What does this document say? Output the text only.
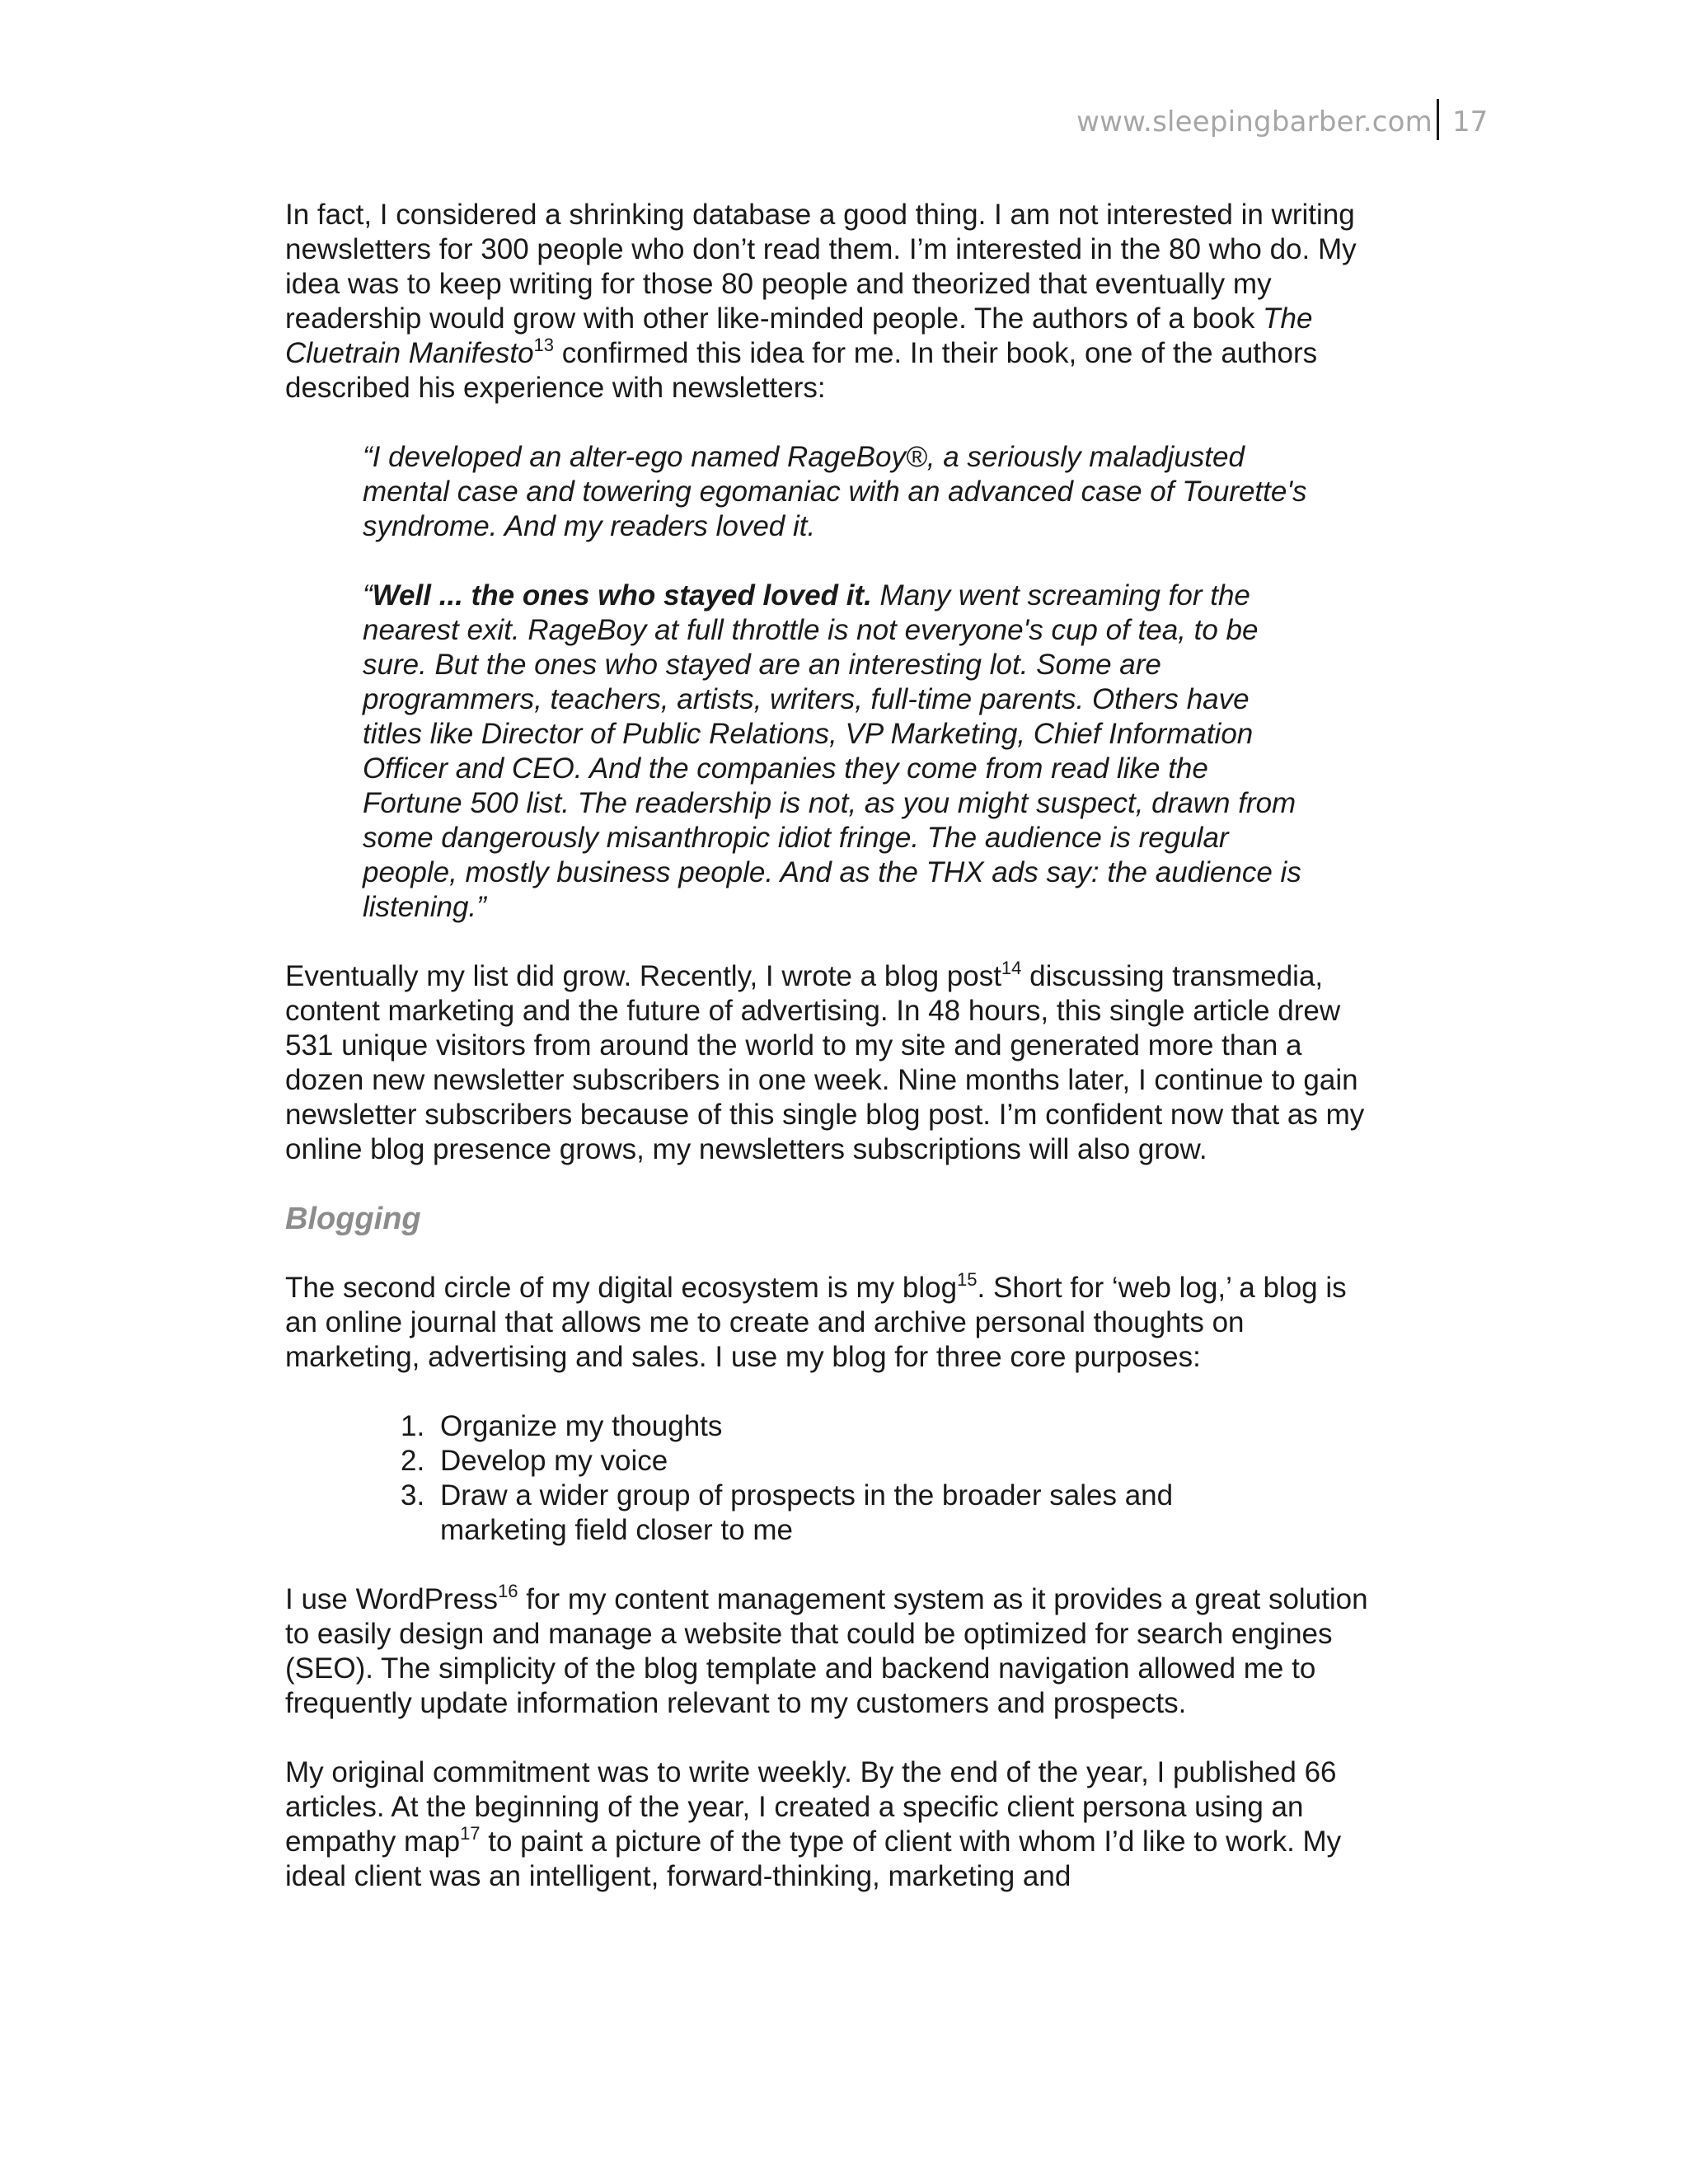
www.sleepingbarber.com 17

In fact, I considered a shrinking database a good thing. I am not interested in writing newsletters for 300 people who don’t read them. I’m interested in the 80 who do. My idea was to keep writing for those 80 people and theorized that eventually my readership would grow with other like-minded people. The authors of a book The Cluetrain Manifesto$^{13}$ confirmed this idea for me. In their book, one of the authors described his experience with newsletters:

“I developed an alter-ego named RageBoy®, a seriously maladjusted mental case and towering egomaniac with an advanced case of Tourette's syndrome. And my readers loved it.

“Well ... the ones who stayed loved it. Many went screaming for the nearest exit. RageBoy at full throttle is not everyone's cup of tea, to be sure. But the ones who stayed are an interesting lot. Some are programmers, teachers, artists, writers, full-time parents. Others have titles like Director of Public Relations, VP Marketing, Chief Information Officer and CEO. And the companies they come from read like the Fortune 500 list. The readership is not, as you might suspect, drawn from some dangerously misanthropic idiot fringe. The audience is regular people, mostly business people. And as the THX ads say: the audience is listening.”

Eventually my list did grow. Recently, I wrote a blog post$^{14}$ discussing transmedia, content marketing and the future of advertising. In 48 hours, this single article drew 531 unique visitors from around the world to my site and generated more than a dozen new newsletter subscribers in one week. Nine months later, I continue to gain newsletter subscribers because of this single blog post. I’m confident now that as my online blog presence grows, my newsletters subscriptions will also grow.

Blogging

The second circle of my digital ecosystem is my blog$^{15}$. Short for ‘web log,’ a blog is an online journal that allows me to create and archive personal thoughts on marketing, advertising and sales. I use my blog for three core purposes:

1. Organize my thoughts
2. Develop my voice
3. Draw a wider group of prospects in the broader sales and marketing field closer to me

I use WordPress$^{16}$ for my content management system as it provides a great solution to easily design and manage a website that could be optimized for search engines (SEO). The simplicity of the blog template and backend navigation allowed me to frequently update information relevant to my customers and prospects.

My original commitment was to write weekly. By the end of the year, I published 66 articles. At the beginning of the year, I created a specific client persona using an empathy map$^{17}$ to paint a picture of the type of client with whom I’d like to work. My ideal client was an intelligent, forward-thinking, marketing and
